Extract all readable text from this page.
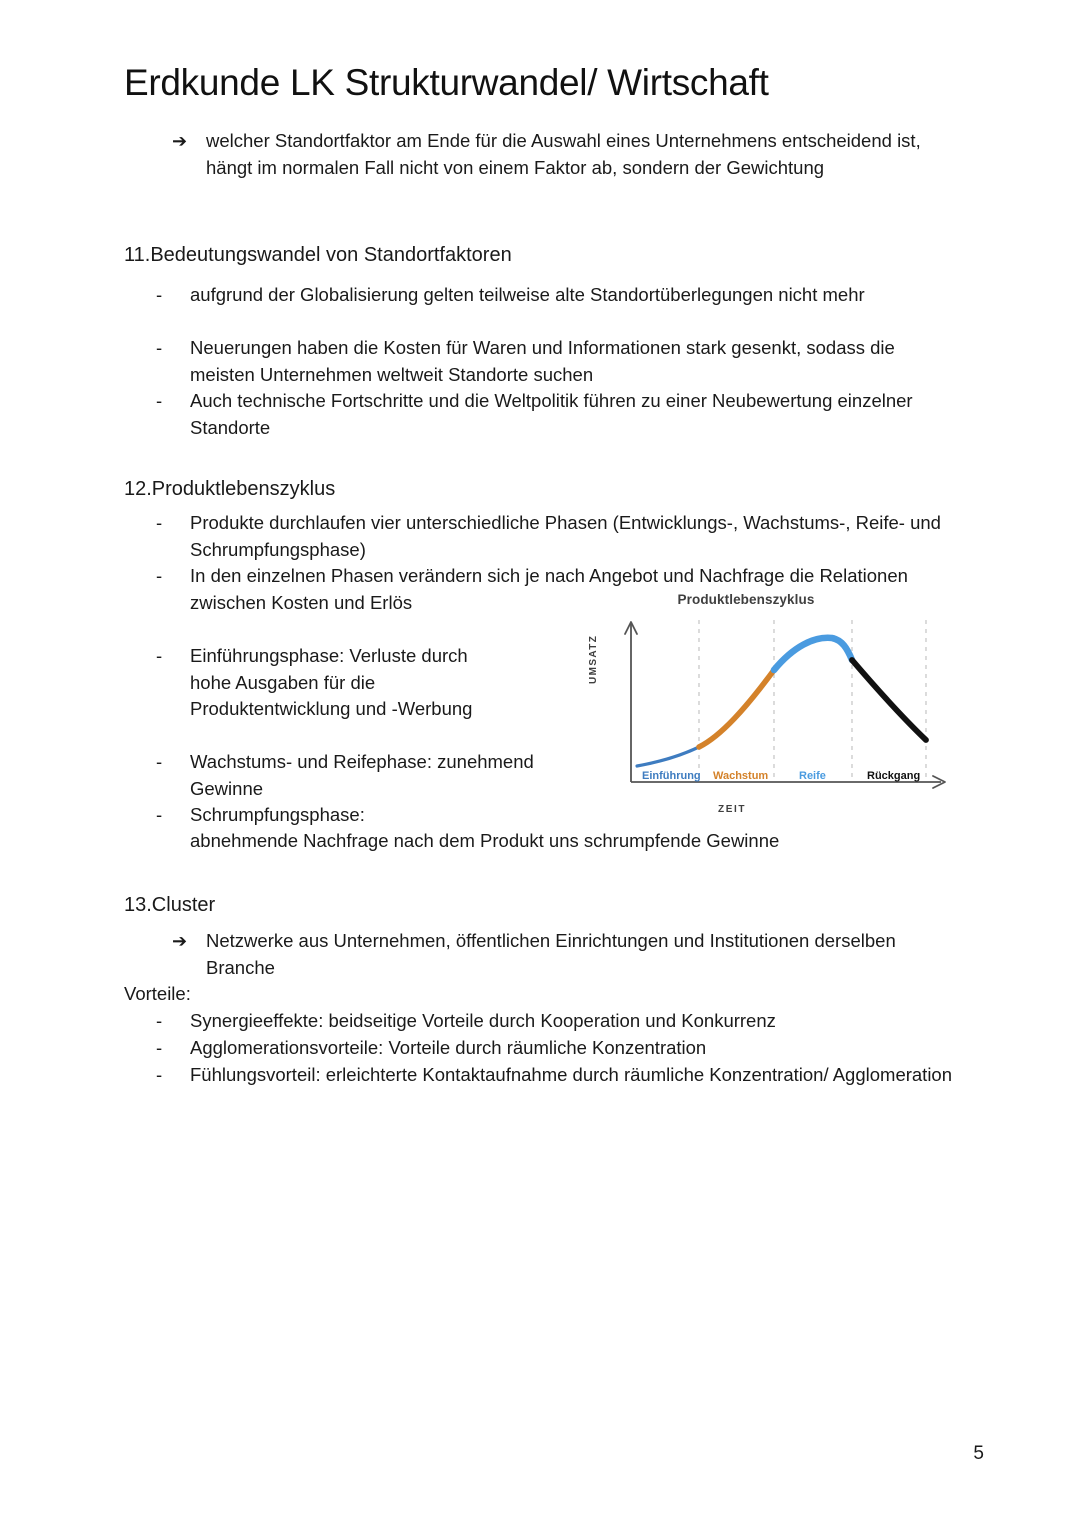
Erdkunde LK Strukturwandel/ Wirtschaft
➔	welcher Standortfaktor am Ende für die Auswahl eines Unternehmens entscheidend ist, hängt im normalen Fall nicht von einem Faktor ab, sondern der Gewichtung
11.Bedeutungswandel von Standortfaktoren
-	aufgrund der Globalisierung gelten teilweise alte Standortüberlegungen nicht mehr
-	Neuerungen haben die Kosten für Waren und Informationen stark gesenkt, sodass die meisten Unternehmen weltweit Standorte suchen
-	Auch technische Fortschritte und die Weltpolitik führen zu einer Neubewertung einzelner Standorte
12.Produktlebenszyklus
-	Produkte durchlaufen vier unterschiedliche Phasen (Entwicklungs-, Wachstums-, Reife- und Schrumpfungsphase)
-	In den einzelnen Phasen verändern sich je nach Angebot und Nachfrage die Relationen zwischen Kosten und Erlös
-	Einführungsphase: Verluste durch hohe Ausgaben für die Produktentwicklung und -Werbung
-	Wachstums- und Reifephase: zunehmend Gewinne
-	Schrumpfungsphase:
abnehmende Nachfrage nach dem Produkt uns schrumpfende Gewinne
Produktlebenszyklus
UMSATZ
ZEIT
Einführung Wachstum	Reife	Rückgang
13.Cluster
➔	Netzwerke aus Unternehmen, öffentlichen Einrichtungen und Institutionen derselben Branche
Vorteile:
-	Synergieeffekte: beidseitige Vorteile durch Kooperation und Konkurrenz
-	Agglomerationsvorteile: Vorteile durch räumliche Konzentration
-	Fühlungsvorteil: erleichterte Kontaktaufnahme durch räumliche Konzentration/ Agglomeration
5
